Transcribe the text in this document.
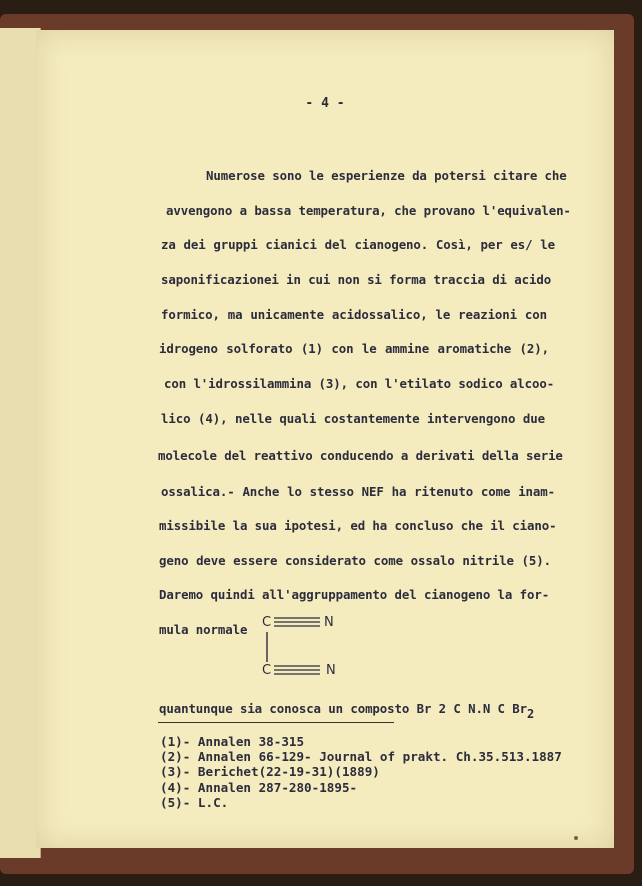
- 4 -
Numerose sono le esperienze da potersi citare che
avvengono a bassa temperatura, che provano l'equivalen-
za dei gruppi cianici del cianogeno. Così, per es/ le
saponificazionei in cui non si forma traccia di acido
formico, ma unicamente acidossalico, le reazioni con
idrogeno solforato (1) con le ammine aromatiche (2),
con l'idrossilammina (3), con l'etilato sodico alcoo-
lico (4), nelle quali costantemente intervengono due
molecole del reattivo conducendo a derivati della serie
ossalica.- Anche lo stesso NEF ha ritenuto come inam-
missibile la sua ipotesi, ed ha concluso che il ciano-
geno deve essere considerato come ossalo nitrile (5).
Daremo quindi all'aggruppamento del cianogeno la for-
mula normale	C	N
C	N
quantunque sia conosca un composto Br 2 C N.N C Br2
(1)- Annalen 38-315
(2)- Annalen 66-129- Journal of prakt. Ch.35.513.1887
(3)- Berichet(22-19-31)(1889)
(4)- Annalen 287-280-1895-
(5)- L.C.
